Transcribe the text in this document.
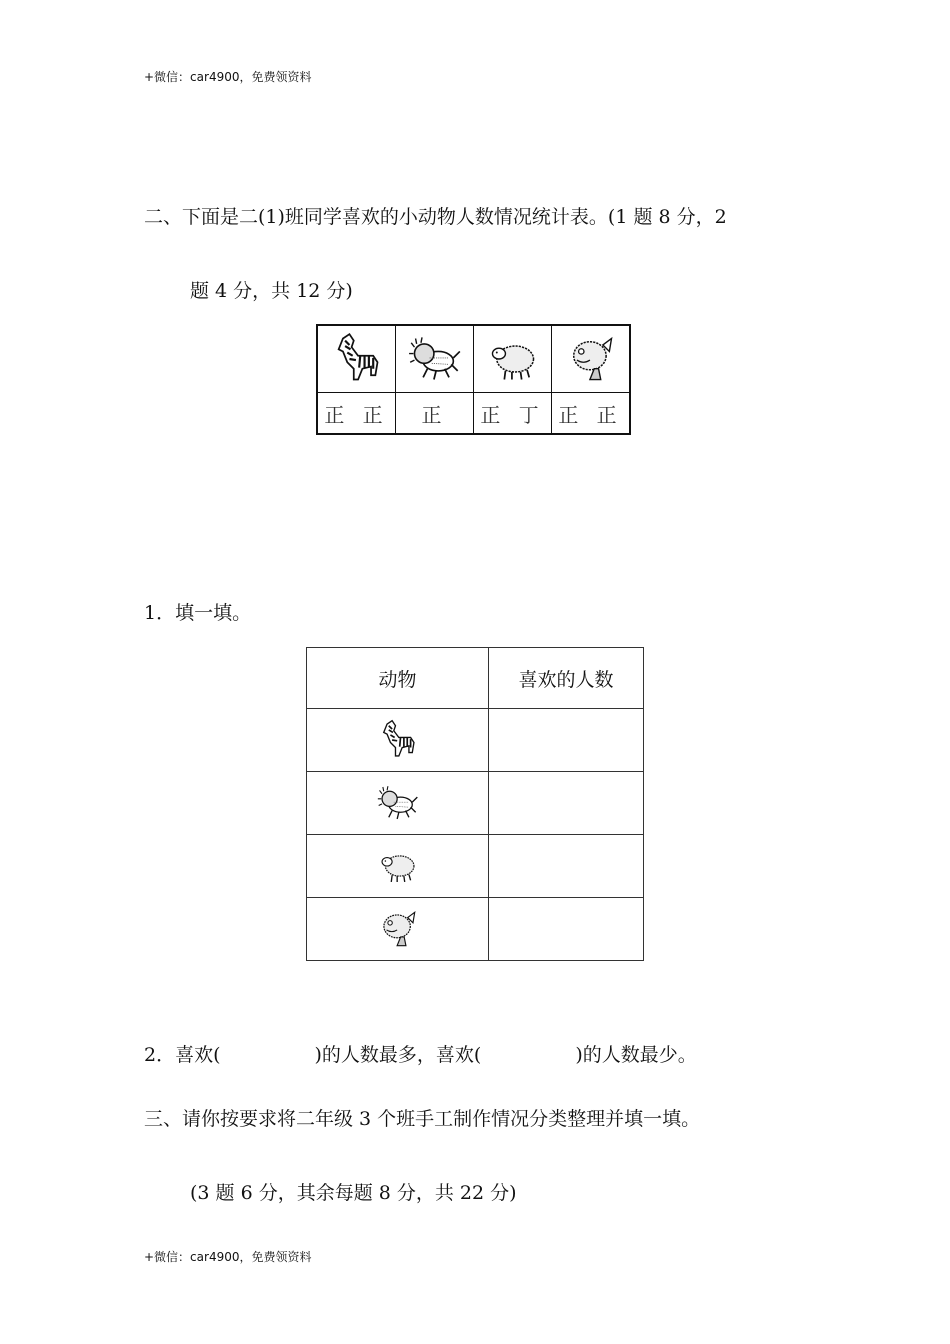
+微信：car4900，免费领资料
二、下面是二(1)班同学喜欢的小动物人数情况统计表。(1 题 8 分，2
题 4 分，共 12 分)

正 正	正	正 丁	正 正
1．填一填。
动物	喜欢的人数

2．喜欢(	)的人数最多，喜欢(	)的人数最少。
三、请你按要求将二年级 3 个班手工制作情况分类整理并填一填。
(3 题 6 分，其余每题 8 分，共 22 分)
+微信：car4900，免费领资料
